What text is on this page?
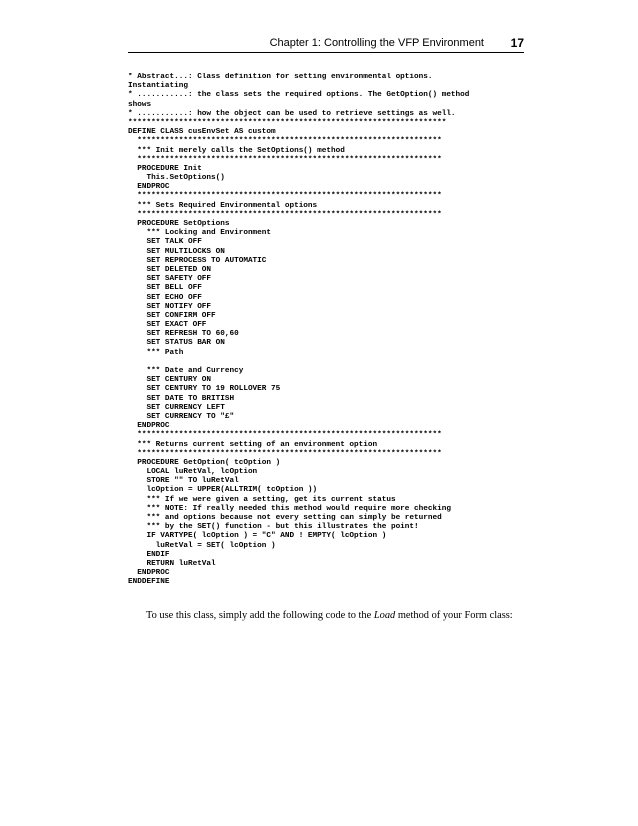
Chapter 1: Controlling the VFP Environment 17
* Abstract...: Class definition for setting environmental options.
Instantiating
* ...........: the class sets the required options. The GetOption() method
shows
* ...........: how the object can be used to retrieve settings as well.
*********************************************************************
DEFINE CLASS cusEnvSet AS custom
******************************************************************
*** Init merely calls the SetOptions() method
******************************************************************
PROCEDURE Init
This.SetOptions()
ENDPROC
******************************************************************
*** Sets Required Environmental options
******************************************************************
PROCEDURE SetOptions
*** Locking and Environment
SET TALK OFF
SET MULTILOCKS ON
SET REPROCESS TO AUTOMATIC
SET DELETED ON
SET SAFETY OFF
SET BELL OFF
SET ECHO OFF
SET NOTIFY OFF
SET CONFIRM OFF
SET EXACT OFF
SET REFRESH TO 60,60
SET STATUS BAR ON
*** Path
*** Date and Currency
SET CENTURY ON
SET CENTURY TO 19 ROLLOVER 75
SET DATE TO BRITISH
SET CURRENCY LEFT
SET CURRENCY TO "£"
ENDPROC
******************************************************************
*** Returns current setting of an environment option
******************************************************************
PROCEDURE GetOption( tcOption )
LOCAL luRetVal, lcOption
STORE "" TO luRetVal
lcOption = UPPER(ALLTRIM( tcOption ))
*** If we were given a setting, get its current status
*** NOTE: If really needed this method would require more checking
*** and options because not every setting can simply be returned
*** by the SET() function - but this illustrates the point!
IF VARTYPE( lcOption ) = "C" AND ! EMPTY( lcOption )
luRetVal = SET( lcOption )
ENDIF
RETURN luRetVal
ENDPROC
ENDDEFINE

To use this class, simply add the following code to the Load method of your Form class:
